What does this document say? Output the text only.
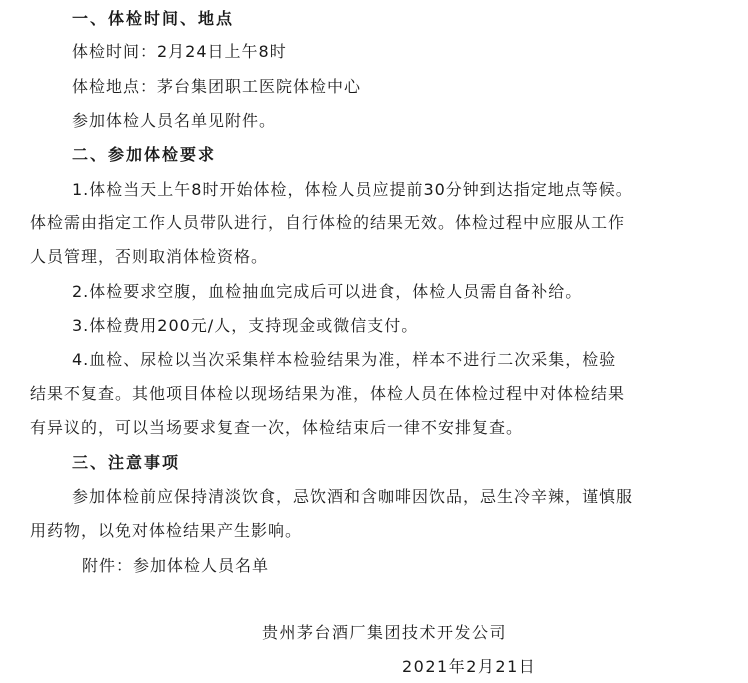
一、体检时间、地点
体检时间：2月24日上午8时
体检地点：茅台集团职工医院体检中心
参加体检人员名单见附件。
二、参加体检要求
1.体检当天上午8时开始体检，体检人员应提前30分钟到达指定地点等候。
体检需由指定工作人员带队进行，自行体检的结果无效。体检过程中应服从工作
人员管理，否则取消体检资格。
2.体检要求空腹，血检抽血完成后可以进食，体检人员需自备补给。
3.体检费用200元/人，支持现金或微信支付。
4.血检、尿检以当次采集样本检验结果为准，样本不进行二次采集，检验
结果不复查。其他项目体检以现场结果为准，体检人员在体检过程中对体检结果
有异议的，可以当场要求复查一次，体检结束后一律不安排复查。
三、注意事项
参加体检前应保持清淡饮食，忌饮酒和含咖啡因饮品，忌生冷辛辣，谨慎服
用药物，以免对体检结果产生影响。
附件：参加体检人员名单
贵州茅台酒厂集团技术开发公司
2021年2月21日
